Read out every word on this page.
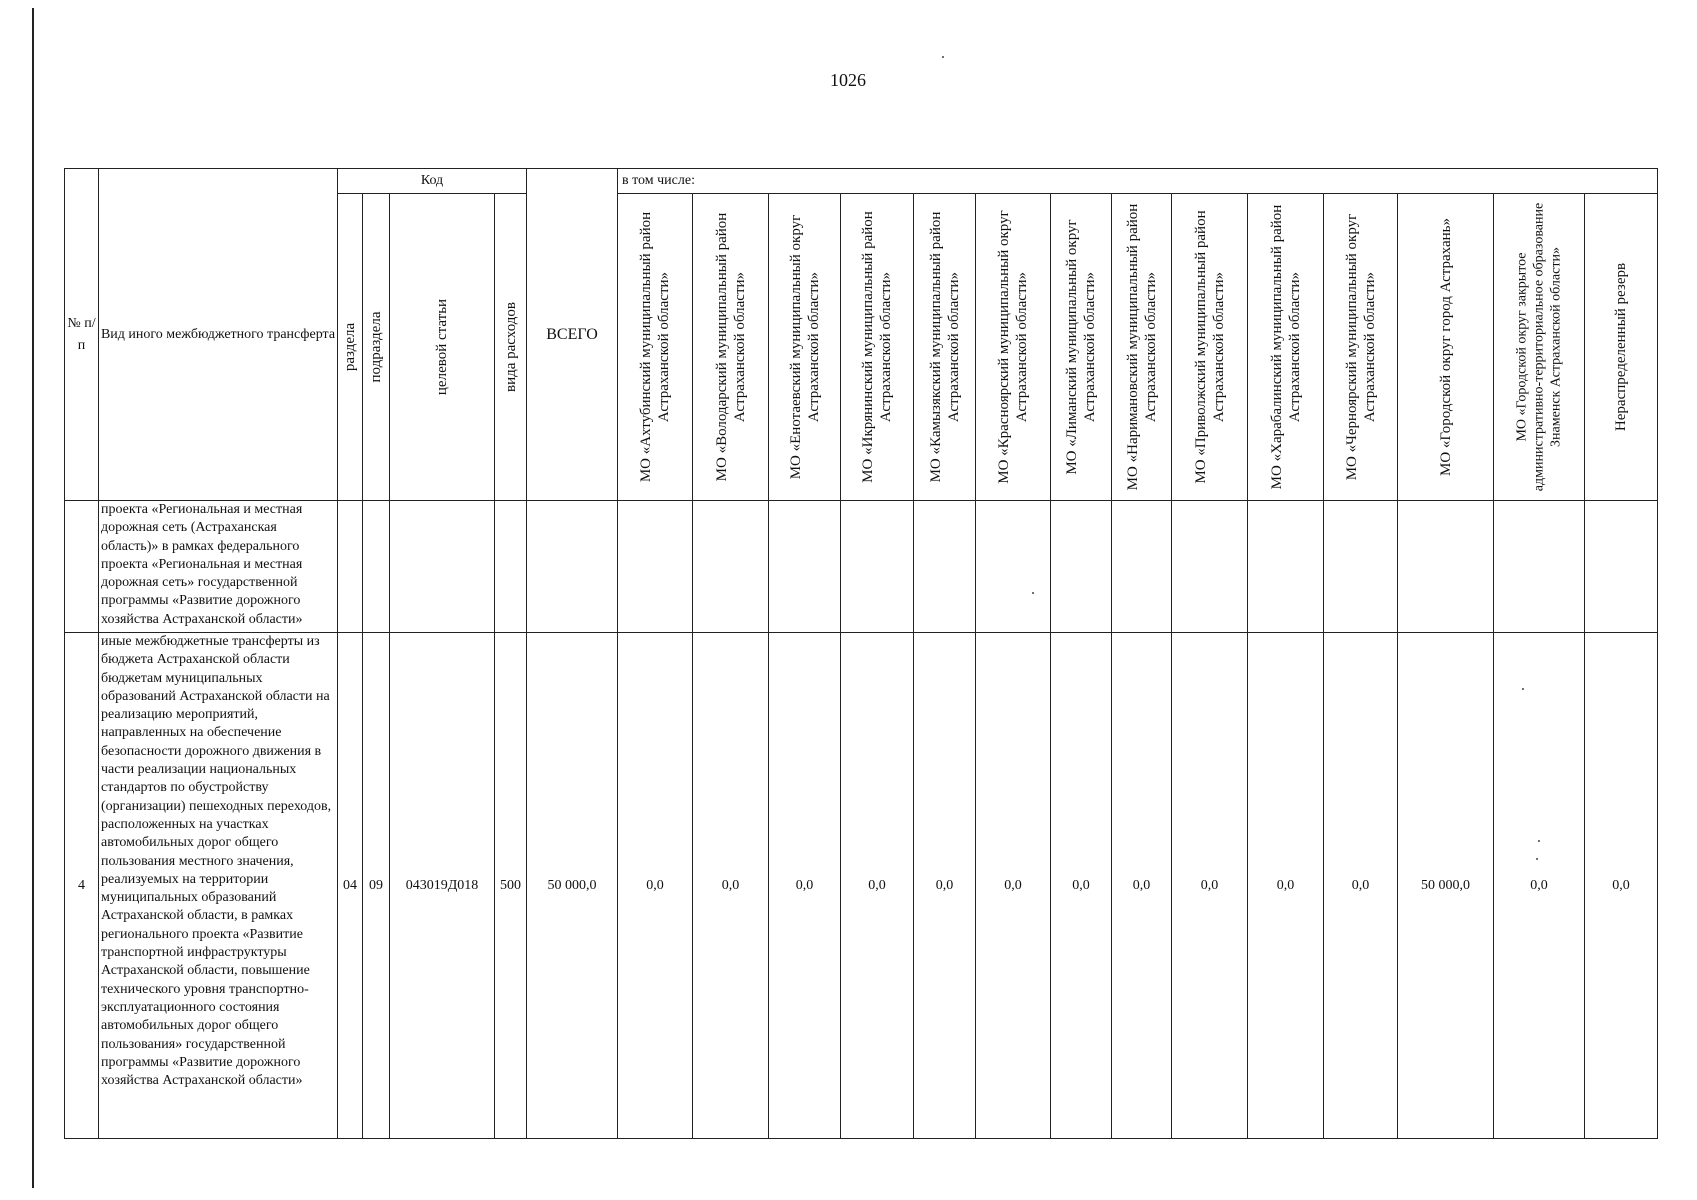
1026
№ п/п	Вид иного межбюджетного трансферта	Код				ВСЕГО	в том числе:													

		раздела	подраздела	целевой статьи	вида расходов		МО «Ахтубинский муниципальный район Астраханской области»	МО «Володарский муниципальный район Астраханской области»	МО «Енотаевский муниципальный округ Астраханской области»	МО «Икрянинский муниципальный район Астраханской области»	МО «Камызякский муниципальный район Астраханской области»	МО «Красноярский муниципальный округ Астраханской области»	МО «Лиманский муниципальный округ Астраханской области»	МО «Наримановский муниципальный район Астраханской области»	МО «Приволжский муниципальный район Астраханской области»	МО «Харабалинский муниципальный район Астраханской области»	МО «Черноярский муниципальный округ Астраханской области»	МО «Городской округ город Астрахань»	МО «Городской округ закрытое административно-территориальное образование Знаменск Астраханской области»	Нераспределенный резерв

	проекта «Региональная и местная дорожная сеть (Астраханская область)» в рамках федерального проекта «Региональная и местная дорожная сеть» государственной программы «Развитие дорожного хозяйства Астраханской области»																			
4	иные межбюджетные трансферты из бюджета Астраханской области бюджетам муниципальных образований Астраханской области на реализацию мероприятий, направленных на обеспечение безопасности дорожного движения в части реализации национальных стандартов по обустройству (организации) пешеходных переходов, расположенных на участках автомобильных дорог общего пользования местного значения, реализуемых на территории муниципальных образований Астраханской области, в рамках регионального проекта «Развитие транспортной инфраструктуры Астраханской области, повышение технического уровня транспортно-эксплуатационного состояния автомобильных дорог общего пользования» государственной программы «Развитие дорожного хозяйства Астраханской области»	04	09	043019Д018	500	50 000,0	0,0	0,0	0,0	0,0	0,0	0,0	0,0	0,0	0,0	0,0	0,0	50 000,0	0,0	0,0
